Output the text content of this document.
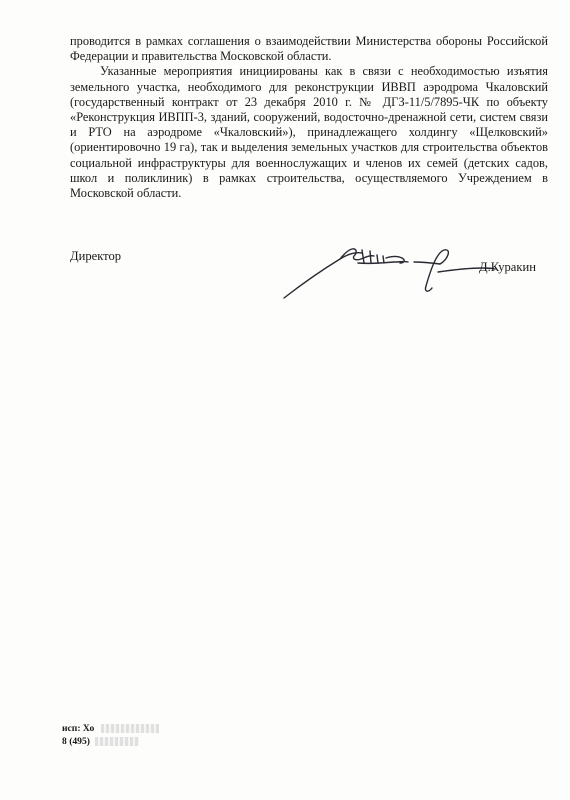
проводится в рамках соглашения о взаимодействии Министерства обороны Российской Федерации и правительства Московской области.

Указанные мероприятия инициированы как в связи с необходимостью изъятия земельного участка, необходимого для реконструкции ИВВП аэродрома Чкаловский (государственный контракт от 23 декабря 2010 г. № ДГЗ-11/5/7895-ЧК по объекту «Реконструкция ИВПП-3, зданий, сооружений, водосточно-дренажной сети, систем связи и РТО на аэродроме «Чкаловский»), принадлежащего холдингу «Щелковский» (ориентировочно 19 га), так и выделения земельных участков для строительства объектов социальной инфраструктуры для военнослужащих и членов их семей (детских садов, школ и поликлиник) в рамках строительства, осуществляемого Учреждением в Московской области.

Директор
Д.Куракин
исп: Хо
8 (495)
